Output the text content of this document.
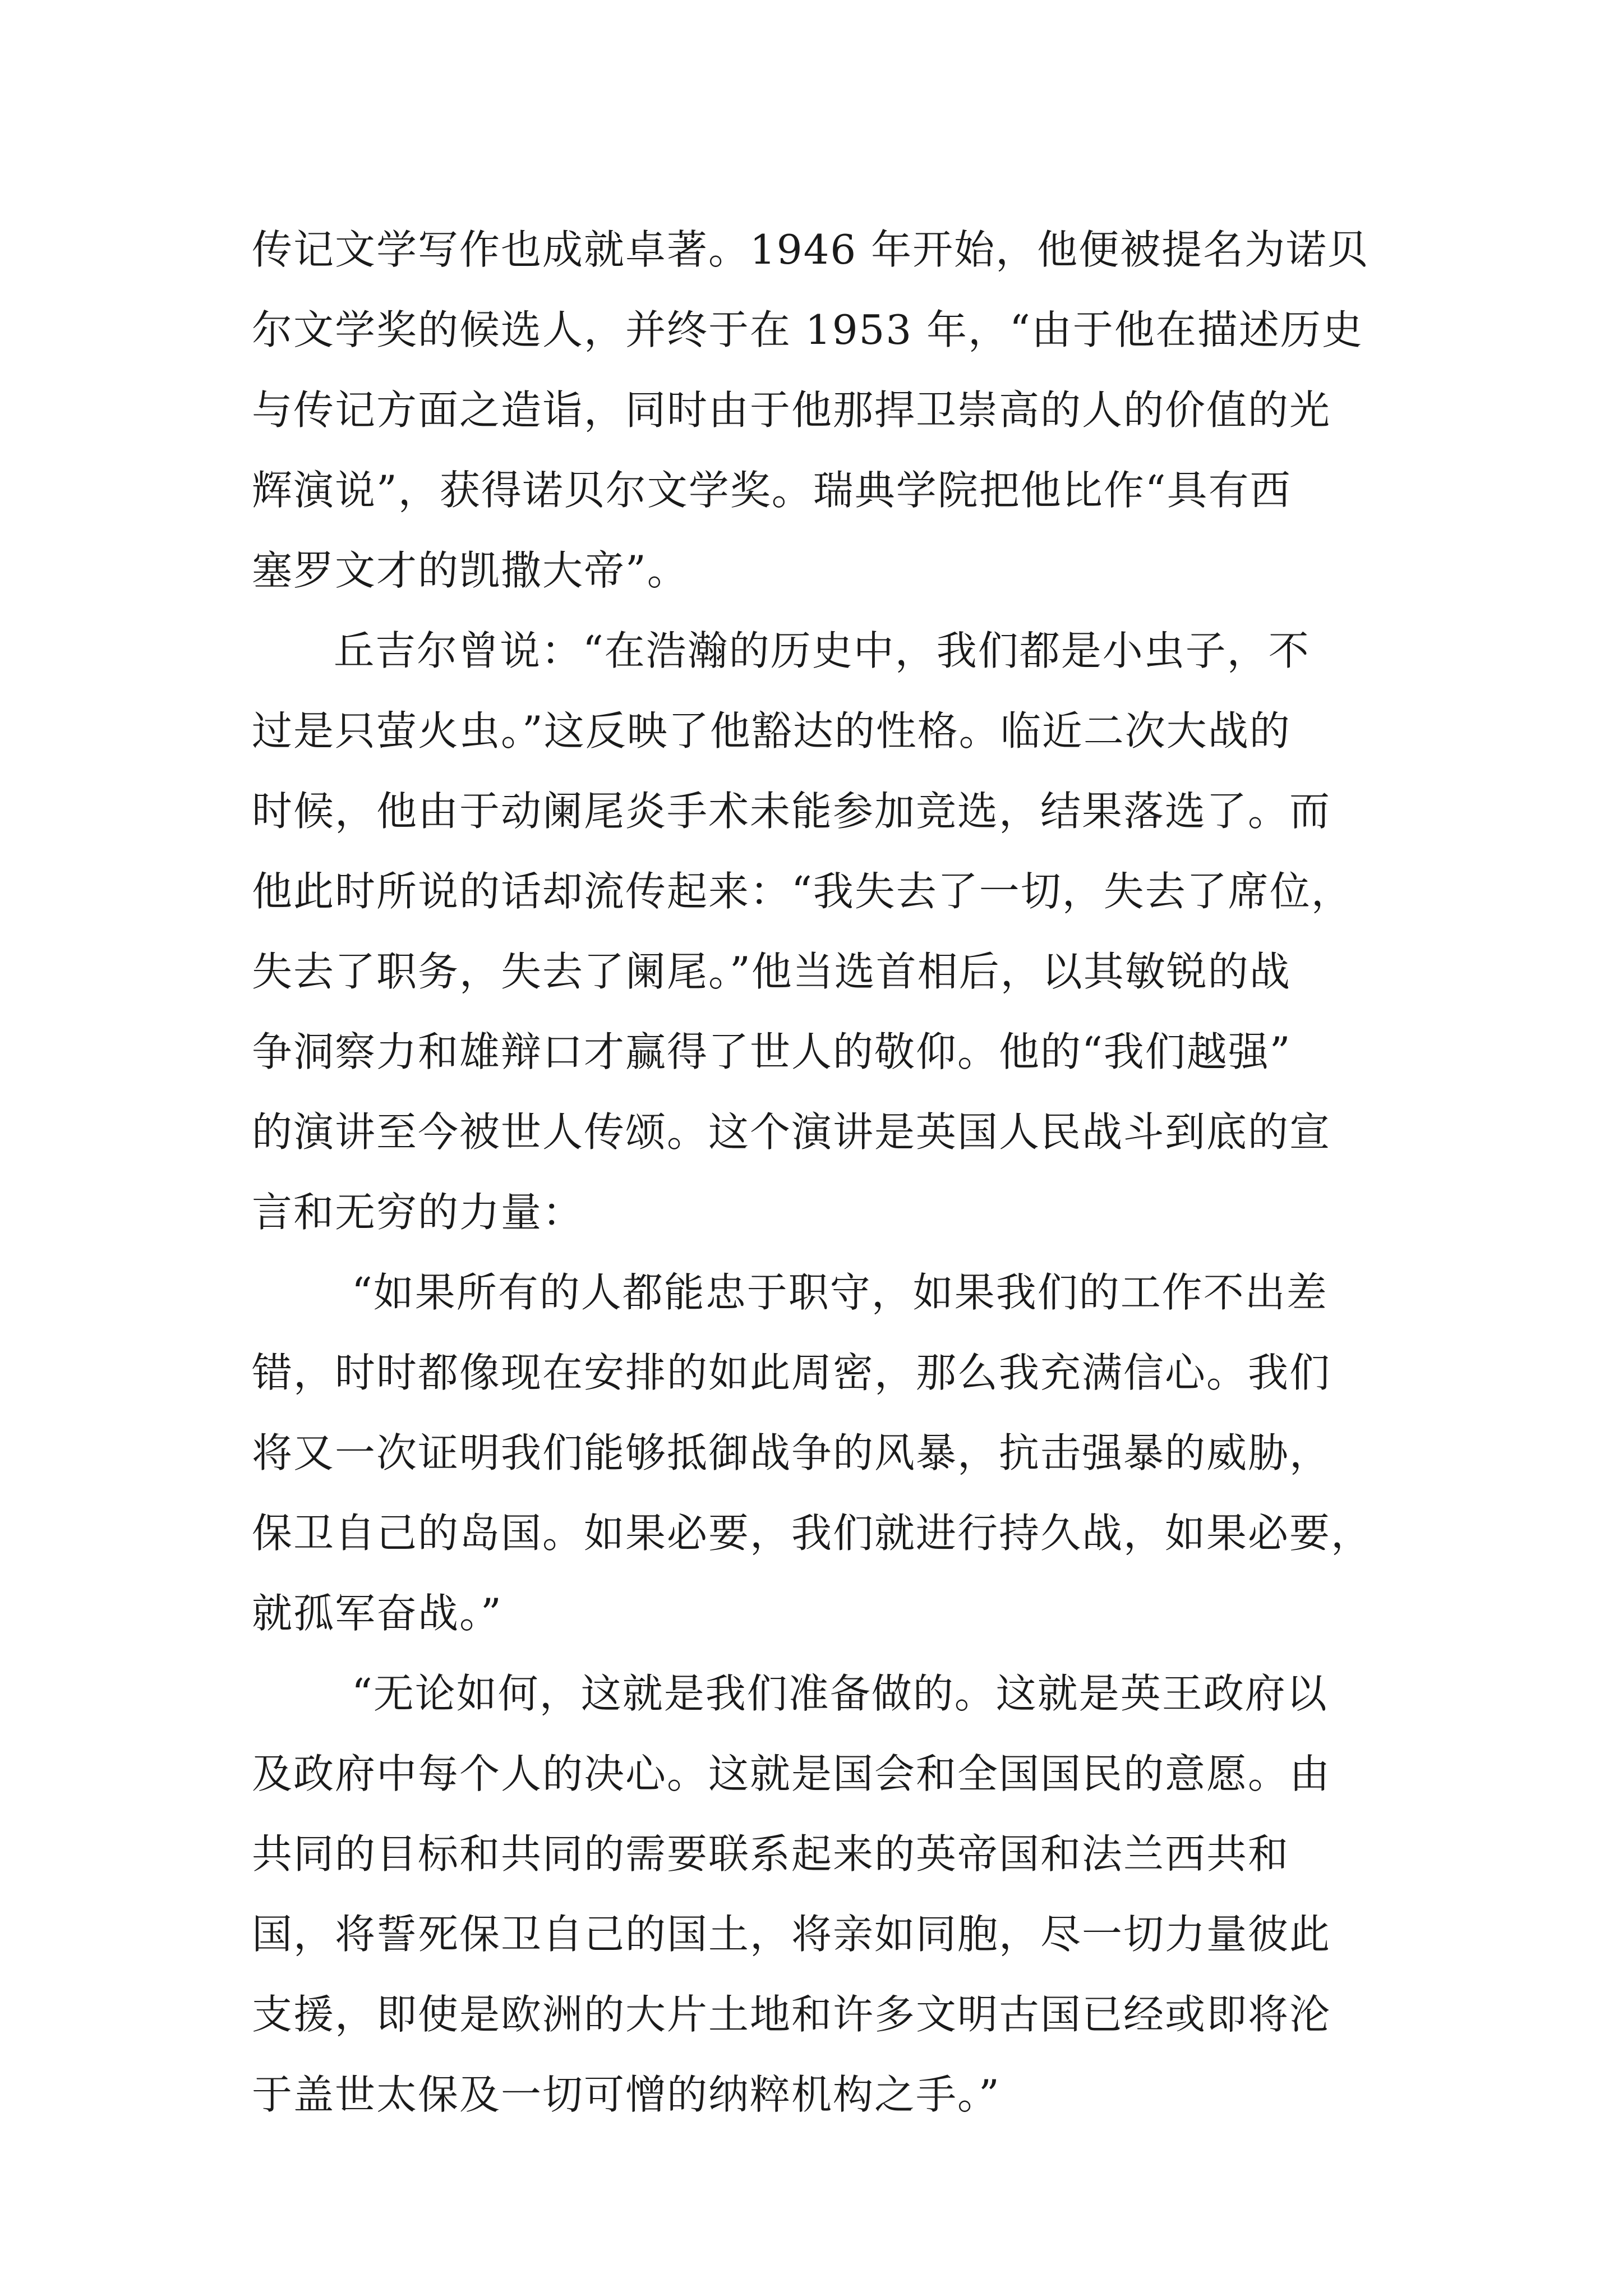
传记文学写作也成就卓著。1946 年开始，他便被提名为诺贝
尔文学奖的候选人，并终于在 1953 年，“由于他在描述历史
与传记方面之造诣，同时由于他那捍卫崇高的人的价值的光
辉演说”，获得诺贝尔文学奖。瑞典学院把他比作“具有西
塞罗文才的凯撒大帝”。
丘吉尔曾说：“在浩瀚的历史中，我们都是小虫子，不
过是只萤火虫。”这反映了他豁达的性格。临近二次大战的
时候，他由于动阑尾炎手术未能参加竞选，结果落选了。而
他此时所说的话却流传起来：“我失去了一切，失去了席位，
失去了职务，失去了阑尾。”他当选首相后，以其敏锐的战
争洞察力和雄辩口才赢得了世人的敬仰。他的“我们越强”
的演讲至今被世人传颂。这个演讲是英国人民战斗到底的宣
言和无穷的力量：
“如果所有的人都能忠于职守，如果我们的工作不出差
错，时时都像现在安排的如此周密，那么我充满信心。我们
将又一次证明我们能够抵御战争的风暴，抗击强暴的威胁，
保卫自己的岛国。如果必要，我们就进行持久战，如果必要，
就孤军奋战。”
“无论如何，这就是我们准备做的。这就是英王政府以
及政府中每个人的决心。这就是国会和全国国民的意愿。由
共同的目标和共同的需要联系起来的英帝国和法兰西共和
国，将誓死保卫自己的国土，将亲如同胞，尽一切力量彼此
支援，即使是欧洲的大片土地和许多文明古国已经或即将沦
于盖世太保及一切可憎的纳粹机构之手。”
